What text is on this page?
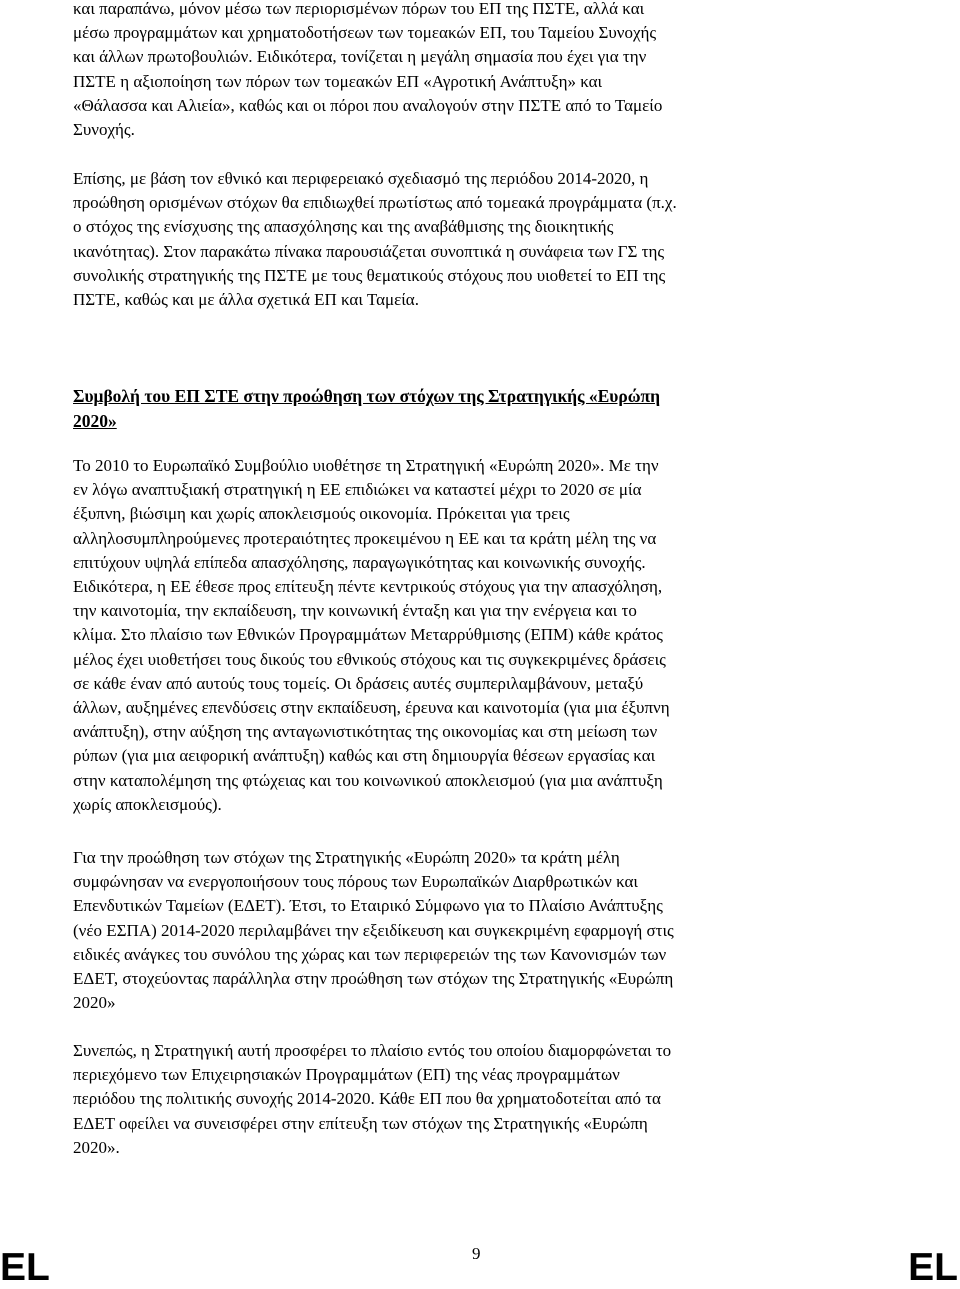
και παραπάνω, μόνον μέσω των περιορισμένων πόρων του ΕΠ της ΠΣΤΕ, αλλά και
μέσω προγραμμάτων και χρηματοδοτήσεων των τομεακών ΕΠ, του Ταμείου Συνοχής
και άλλων πρωτοβουλιών. Ειδικότερα, τονίζεται η μεγάλη σημασία που έχει για την
ΠΣΤΕ η αξιοποίηση των πόρων των τομεακών ΕΠ «Αγροτική Ανάπτυξη» και
«Θάλασσα και Αλιεία», καθώς και οι πόροι που αναλογούν στην ΠΣΤΕ από το Ταμείο
Συνοχής.

Επίσης, με βάση τον εθνικό και περιφερειακό σχεδιασμό της περιόδου 2014-2020, η
προώθηση ορισμένων στόχων θα επιδιωχθεί πρωτίστως από τομεακά προγράμματα (π.χ.
ο στόχος της ενίσχυσης της απασχόλησης και της αναβάθμισης της διοικητικής
ικανότητας). Στον παρακάτω πίνακα παρουσιάζεται συνοπτικά η συνάφεια των ΓΣ της
συνολικής στρατηγικής της ΠΣΤΕ με τους θεματικούς στόχους που υιοθετεί το ΕΠ της
ΠΣΤΕ, καθώς και με άλλα σχετικά ΕΠ και Ταμεία.

Συμβολή του ΕΠ ΣΤΕ στην προώθηση των στόχων της Στρατηγικής «Ευρώπη
2020»

Το 2010 το Ευρωπαϊκό Συμβούλιο υιοθέτησε τη Στρατηγική «Ευρώπη 2020». Με την
εν λόγω αναπτυξιακή στρατηγική η ΕΕ επιδιώκει να καταστεί μέχρι το 2020 σε μία
έξυπνη, βιώσιμη και χωρίς αποκλεισμούς οικονομία. Πρόκειται για τρεις
αλληλοσυμπληρούμενες προτεραιότητες προκειμένου η ΕΕ και τα κράτη μέλη της να
επιτύχουν υψηλά επίπεδα απασχόλησης, παραγωγικότητας και κοινωνικής συνοχής.
Ειδικότερα, η ΕΕ έθεσε προς επίτευξη πέντε κεντρικούς στόχους για την απασχόληση,
την καινοτομία, την εκπαίδευση, την κοινωνική ένταξη και για την ενέργεια και το
κλίμα. Στο πλαίσιο των Εθνικών Προγραμμάτων Μεταρρύθμισης (ΕΠΜ) κάθε κράτος
μέλος έχει υιοθετήσει τους δικούς του εθνικούς στόχους και τις συγκεκριμένες δράσεις
σε κάθε έναν από αυτούς τους τομείς. Οι δράσεις αυτές συμπεριλαμβάνουν, μεταξύ
άλλων, αυξημένες επενδύσεις στην εκπαίδευση, έρευνα και καινοτομία (για μια έξυπνη
ανάπτυξη), στην αύξηση της ανταγωνιστικότητας της οικονομίας και στη μείωση των
ρύπων (για μια αειφορική ανάπτυξη) καθώς και στη δημιουργία θέσεων εργασίας και
στην καταπολέμηση της φτώχειας και του κοινωνικού αποκλεισμού (για μια ανάπτυξη
χωρίς αποκλεισμούς).

Για την προώθηση των στόχων της Στρατηγικής «Ευρώπη 2020» τα κράτη μέλη
συμφώνησαν να ενεργοποιήσουν τους πόρους των Ευρωπαϊκών Διαρθρωτικών και
Επενδυτικών Ταμείων (ΕΔΕΤ). Έτσι, το Εταιρικό Σύμφωνο για το Πλαίσιο Ανάπτυξης
(νέο ΕΣΠΑ) 2014-2020 περιλαμβάνει την εξειδίκευση και συγκεκριμένη εφαρμογή στις
ειδικές ανάγκες του συνόλου της χώρας και των περιφερειών της των Κανονισμών των
ΕΔΕΤ, στοχεύοντας παράλληλα στην προώθηση των στόχων της Στρατηγικής «Ευρώπη
2020»

Συνεπώς, η Στρατηγική αυτή προσφέρει το πλαίσιο εντός του οποίου διαμορφώνεται το
περιεχόμενο των Επιχειρησιακών Προγραμμάτων (ΕΠ) της νέας προγραμμάτων
περιόδου της πολιτικής συνοχής 2014-2020. Κάθε ΕΠ που θα χρηματοδοτείται από τα
ΕΔΕΤ οφείλει να συνεισφέρει στην επίτευξη των στόχων της Στρατηγικής «Ευρώπη
2020».

EL	9	EL
